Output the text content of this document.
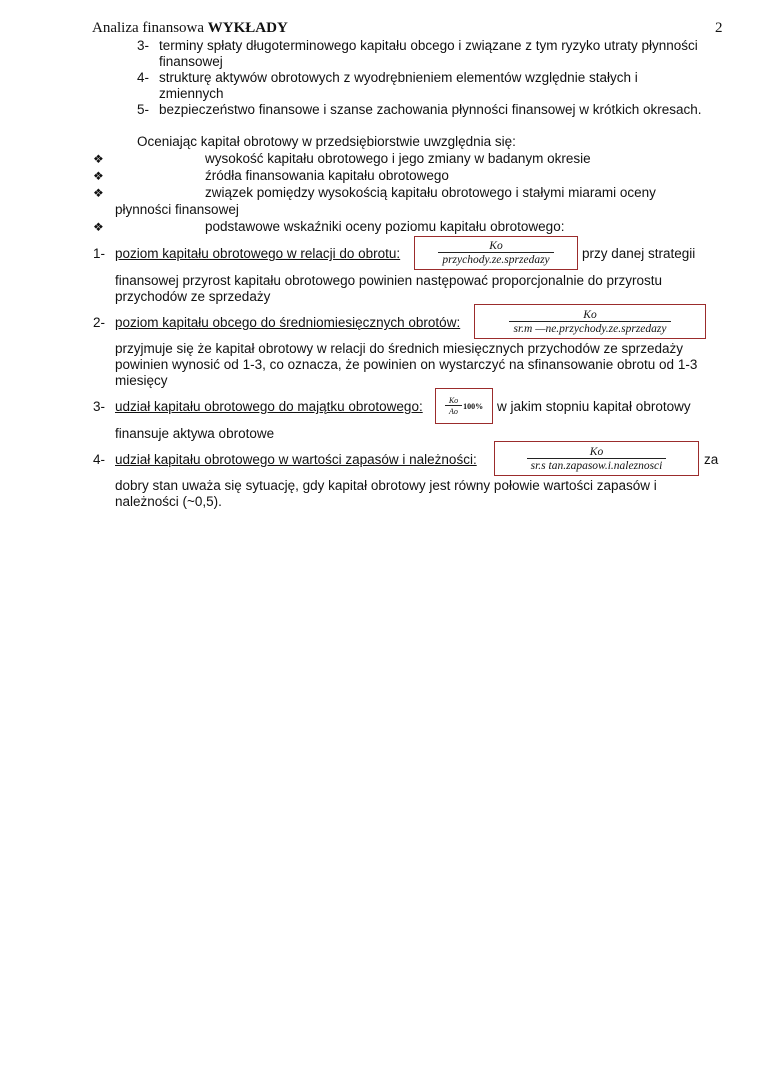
Analiza finansowa WYKŁADY	2
3- terminy spłaty długoterminowego kapitału obcego i związane z tym ryzyko utraty płynności
finansowej
4- strukturę aktywów obrotowych z wyodrębnieniem elementów względnie stałych i
zmiennych
5- bezpieczeństwo finansowe i szanse zachowania płynności finansowej w krótkich okresach.
Oceniając kapitał obrotowy w przedsiębiorstwie uwzględnia się:
❖	wysokość kapitału obrotowego i jego zmiany w badanym okresie
❖	źródła finansowania kapitału obrotowego
❖	związek pomiędzy wysokością kapitału obrotowego i stałymi miarami oceny
płynności finansowej
❖	podstawowe wskaźniki oceny poziomu kapitału obrotowego:
1- poziom kapitału obrotowego w relacji do obrotu:	$\frac{Ko}{\text{przychody.ze.sprzedazy}}$ przy danej strategii
finansowej przyrost kapitału obrotowego powinien następować proporcjonalnie do przyrostu
przychodów ze sprzedaży
2- poziom kapitału obcego do średniomiesięcznych obrotów:	$\frac{Ko}{\text{sr.m —ne.przychody.ze.sprzedazy}}$
przyjmuje się że kapitał obrotowy w relacji do średnich miesięcznych przychodów ze sprzedaży
powinien wynosić od 1-3, co oznacza, że powinien on wystarczyć na sfinansowanie obrotu od 1-3
miesięcy
3- udział kapitału obrotowego do majątku obrotowego:	$\frac{Ko}{Ao} 100\%$ w jakim stopniu kapitał obrotowy
finansuje aktywa obrotowe
4- udział kapitału obrotowego w wartości zapasów i należności:	$\frac{Ko}{\text{sr.s tan.zapasow.i.naleznosci}}$	za
dobry stan uważa się sytuację, gdy kapitał obrotowy jest równy połowie wartości zapasów i
należności (~0,5).
